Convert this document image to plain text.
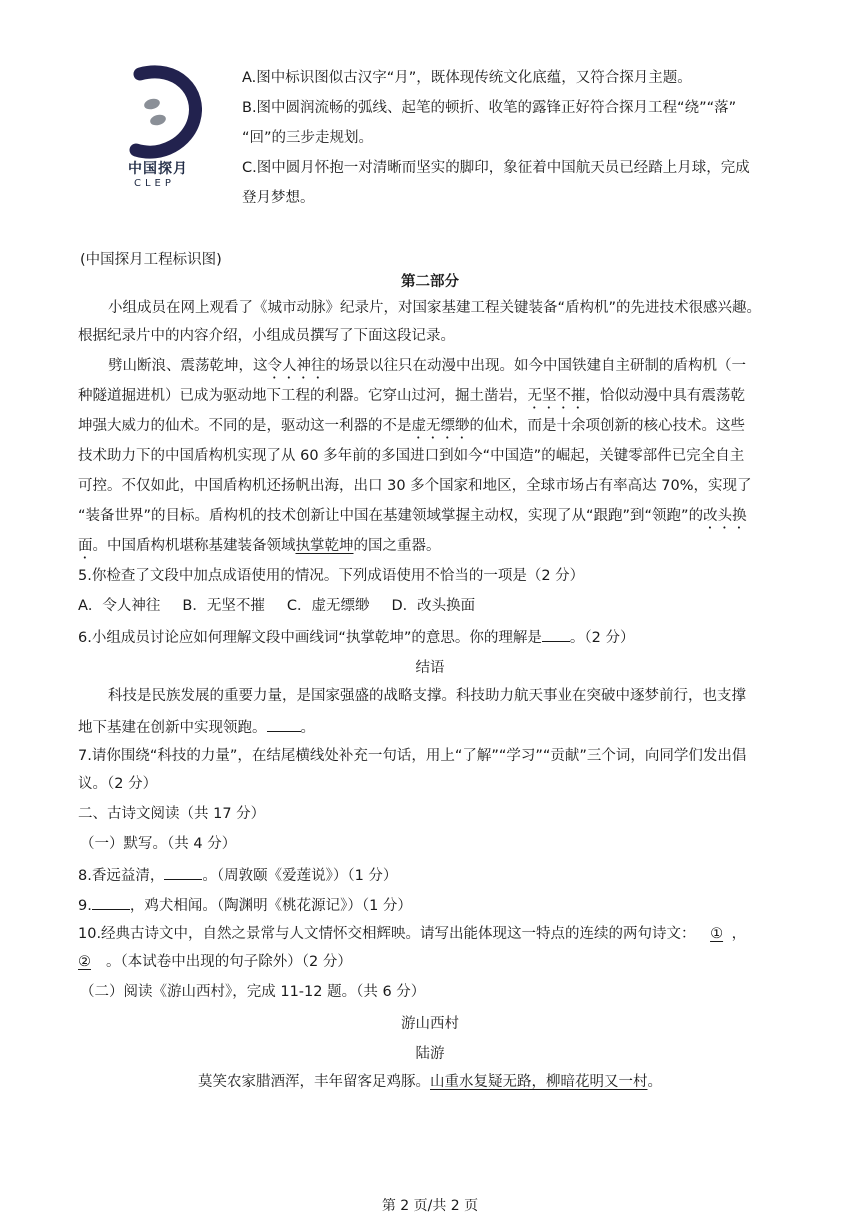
中国探月
CLEP
A.图中标识图似古汉字“月”，既体现传统文化底蕴，又符合探月主题。
B.图中圆润流畅的弧线、起笔的顿折、收笔的露锋正好符合探月工程“绕”“落”
“回”的三步走规划。
C.图中圆月怀抱一对清晰而坚实的脚印，象征着中国航天员已经踏上月球，完成
登月梦想。
(中国探月工程标识图)
第二部分
小组成员在网上观看了《城市动脉》纪录片，对国家基建工程关键装备“盾构机”的先进技术很感兴趣。
根据纪录片中的内容介绍，小组成员撰写了下面这段记录。
劈山断浪、震荡乾坤，这令人神往的场景以往只在动漫中出现。如今中国铁建自主研制的盾构机（一
种隧道掘进机）已成为驱动地下工程的利器。它穿山过河，掘土凿岩，无坚不摧，恰似动漫中具有震荡乾
坤强大威力的仙术。不同的是，驱动这一利器的不是虚无缥缈的仙术，而是十余项创新的核心技术。这些
技术助力下的中国盾构机实现了从 60 多年前的多国进口到如今“中国造”的崛起，关键零部件已完全自主
可控。不仅如此，中国盾构机还扬帆出海，出口 30 多个国家和地区，全球市场占有率高达 70%，实现了
“装备世界”的目标。盾构机的技术创新让中国在基建领域掌握主动权，实现了从“跟跑”到“领跑”的改头换
面。中国盾构机堪称基建装备领域执掌乾坤的国之重器。
5.你检查了文段中加点成语使用的情况。下列成语使用不恰当的一项是（2 分）
A．令人神往 B．无坚不摧 C．虚无缥缈 D．改头换面
6.小组成员讨论应如何理解文段中画线词“执掌乾坤”的意思。你的理解是 。（2 分）
结语
科技是民族发展的重要力量，是国家强盛的战略支撑。科技助力航天事业在突破中逐梦前行，也支撑
地下基建在创新中实现领跑。 。
7.请你围绕“科技的力量”，在结尾横线处补充一句话，用上“了解”“学习”“贡献”三个词，向同学们发出倡
议。（2 分）
二、古诗文阅读（共 17 分）
（一）默写。（共 4 分）
8.香远益清，	。（周敦颐《爱莲说》）（1 分）
9.	，鸡犬相闻。（陶渊明《桃花源记》）（1 分）
10.经典古诗文中，自然之景常与人文情怀交相辉映。请写出能体现这一特点的连续的两句诗文： ① ，
② 。（本试卷中出现的句子除外）（2 分）
（二）阅读《游山西村》，完成 11-12 题。（共 6 分）
游山西村
陆游
莫笑农家腊酒浑，丰年留客足鸡豚。山重水复疑无路，柳暗花明又一村。
第 2 页/共 2 页
